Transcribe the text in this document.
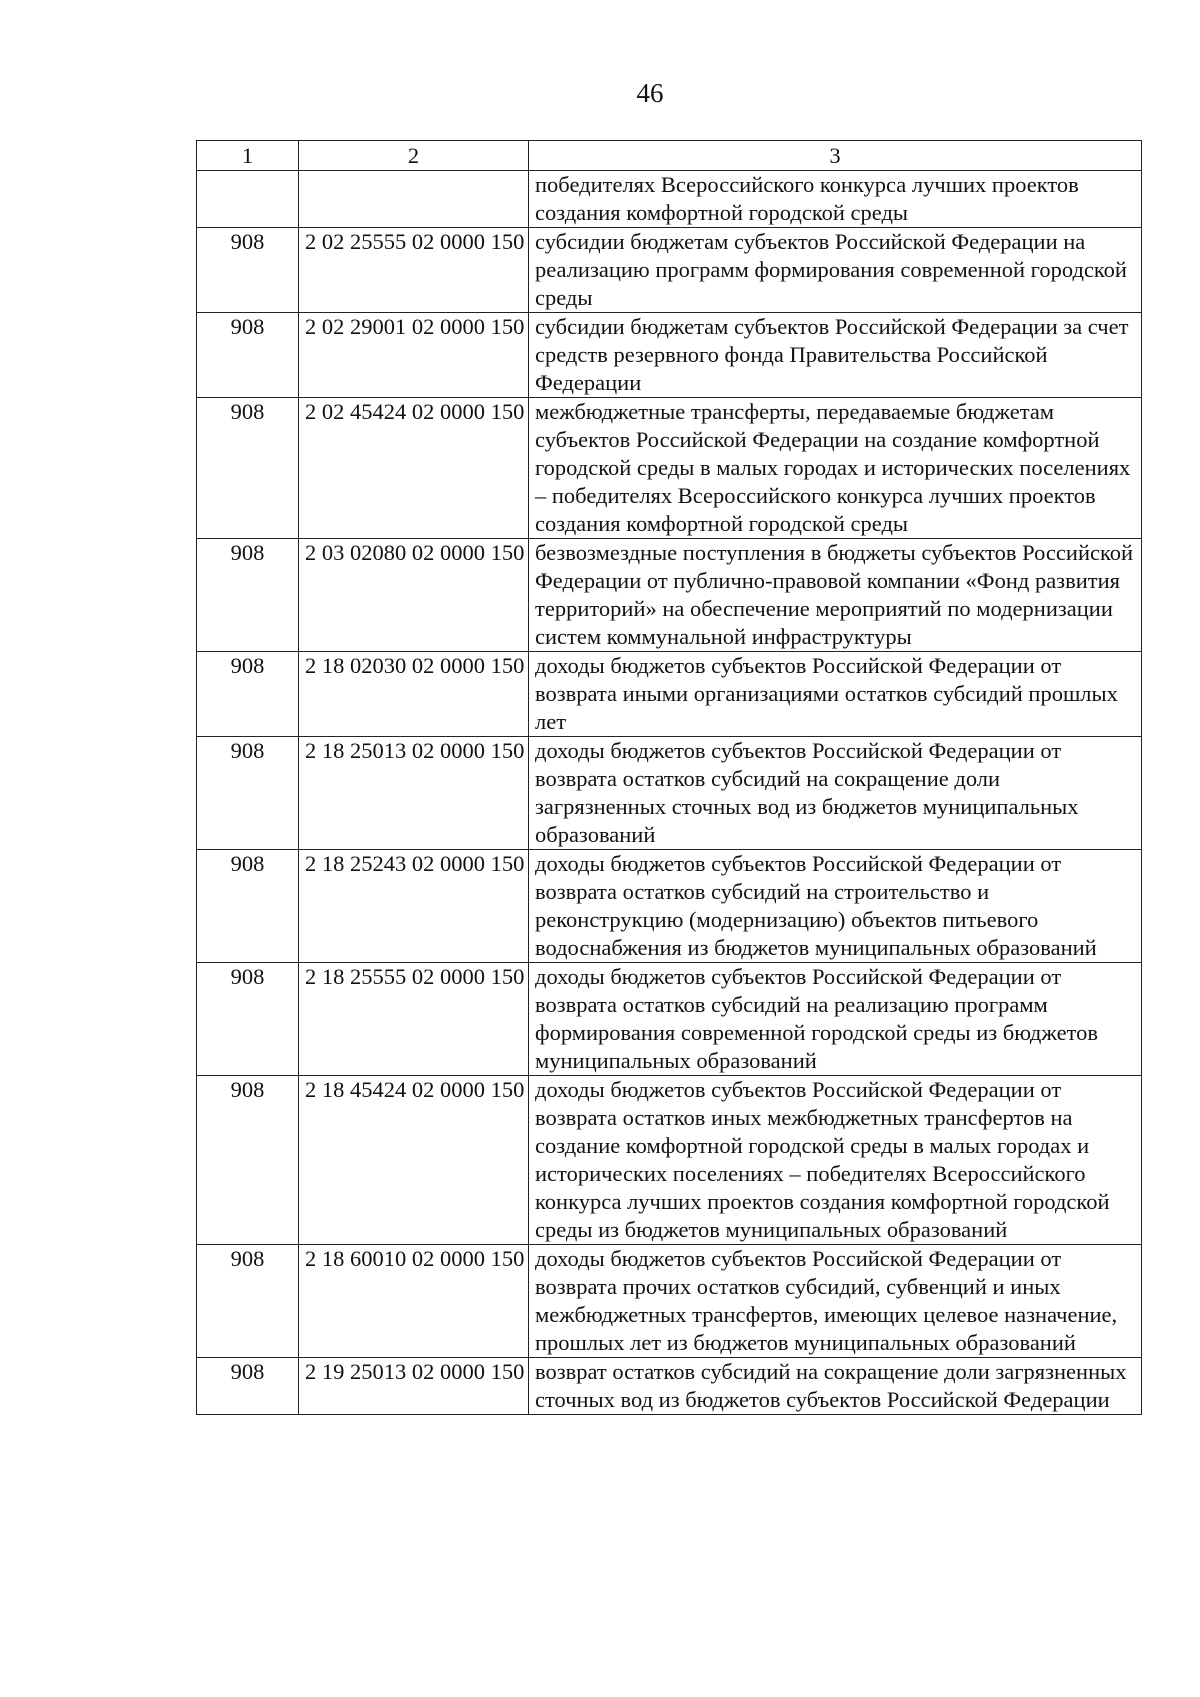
46
1	2	3
		победителях Всероссийского конкурса лучших проектов создания комфортной городской среды
908	2 02 25555 02 0000 150	субсидии бюджетам субъектов Российской Федерации на реализацию программ формирования современной городской среды
908	2 02 29001 02 0000 150	субсидии бюджетам субъектов Российской Федерации за счет средств резервного фонда Правительства Российской Федерации
908	2 02 45424 02 0000 150	межбюджетные трансферты, передаваемые бюджетам субъектов Российской Федерации на создание комфортной городской среды в малых городах и исторических поселениях – победителях Всероссийского конкурса лучших проектов создания комфортной городской среды
908	2 03 02080 02 0000 150	безвозмездные поступления в бюджеты субъектов Российской Федерации от публично-правовой компании «Фонд развития территорий» на обеспечение мероприятий по модернизации систем коммунальной инфраструктуры
908	2 18 02030 02 0000 150	доходы бюджетов субъектов Российской Федерации от возврата иными организациями остатков субсидий прошлых лет
908	2 18 25013 02 0000 150	доходы бюджетов субъектов Российской Федерации от возврата остатков субсидий на сокращение доли загрязненных сточных вод из бюджетов муниципальных образований
908	2 18 25243 02 0000 150	доходы бюджетов субъектов Российской Федерации от возврата остатков субсидий на строительство и реконструкцию (модернизацию) объектов питьевого водоснабжения из бюджетов муниципальных образований
908	2 18 25555 02 0000 150	доходы бюджетов субъектов Российской Федерации от возврата остатков субсидий на реализацию программ формирования современной городской среды из бюджетов муниципальных образований
908	2 18 45424 02 0000 150	доходы бюджетов субъектов Российской Федерации от возврата остатков иных межбюджетных трансфертов на создание комфортной городской среды в малых городах и исторических поселениях – победителях Всероссийского конкурса лучших проектов создания комфортной городской среды из бюджетов муниципальных образований
908	2 18 60010 02 0000 150	доходы бюджетов субъектов Российской Федерации от возврата прочих остатков субсидий, субвенций и иных межбюджетных трансфертов, имеющих целевое назначение, прошлых лет из бюджетов муниципальных образований
908	2 19 25013 02 0000 150	возврат остатков субсидий на сокращение доли загрязненных сточных вод из бюджетов субъектов Российской Федерации
